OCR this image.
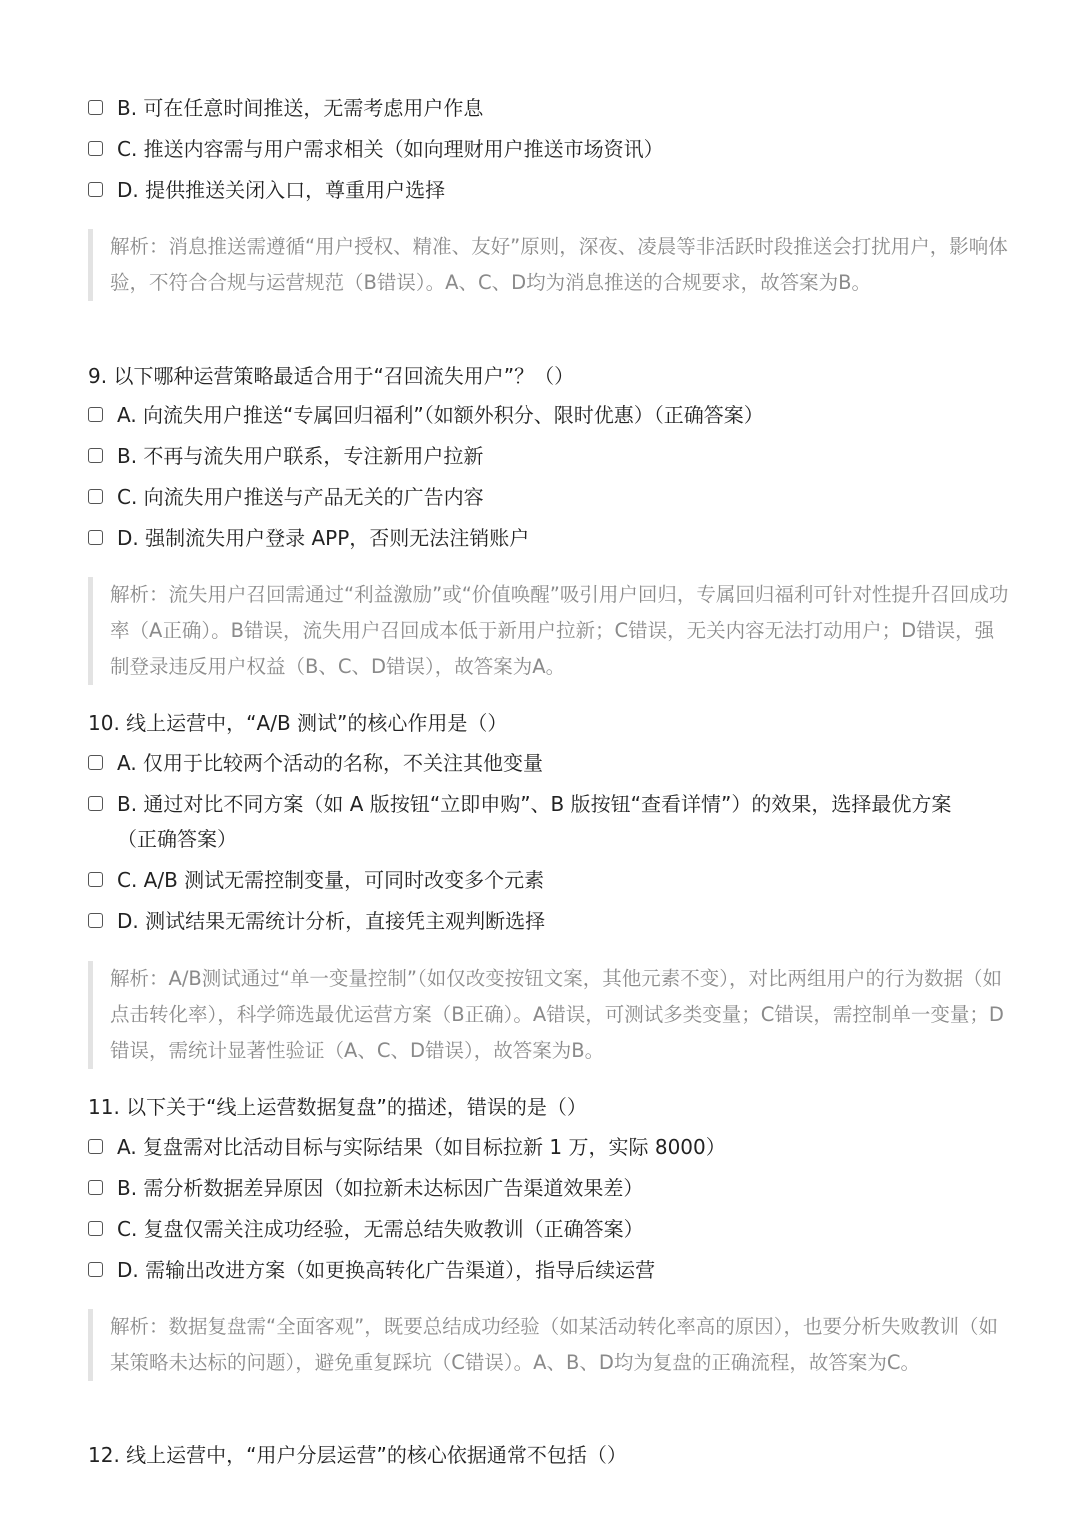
B. 可在任意时间推送，无需考虑用户作息
C. 推送内容需与用户需求相关（如向理财用户推送市场资讯）
D. 提供推送关闭入口，尊重用户选择
解析：消息推送需遵循“用户授权、精准、友好”原则，深夜、凌晨等非活跃时段推送会打扰用户，影响体验，不符合合规与运营规范（B错误）。A、C、D均为消息推送的合规要求，故答案为B。
9. 以下哪种运营策略最适合用于“召回流失用户”？（）
A. 向流失用户推送“专属回归福利”（如额外积分、限时优惠）（正确答案）
B. 不再与流失用户联系，专注新用户拉新
C. 向流失用户推送与产品无关的广告内容
D. 强制流失用户登录 APP，否则无法注销账户
解析：流失用户召回需通过“利益激励”或“价值唤醒”吸引用户回归，专属回归福利可针对性提升召回成功率（A正确）。B错误，流失用户召回成本低于新用户拉新；C错误，无关内容无法打动用户；D错误，强制登录违反用户权益（B、C、D错误），故答案为A。
10. 线上运营中，“A/B 测试”的核心作用是（）
A. 仅用于比较两个活动的名称，不关注其他变量
B. 通过对比不同方案（如 A 版按钮“立即申购”、B 版按钮“查看详情”）的效果，选择最优方案（正确答案）
C. A/B 测试无需控制变量，可同时改变多个元素
D. 测试结果无需统计分析，直接凭主观判断选择
解析：A/B测试通过“单一变量控制”（如仅改变按钮文案，其他元素不变），对比两组用户的行为数据（如点击转化率），科学筛选最优运营方案（B正确）。A错误，可测试多类变量；C错误，需控制单一变量；D错误，需统计显著性验证（A、C、D错误），故答案为B。
11. 以下关于“线上运营数据复盘”的描述，错误的是（）
A. 复盘需对比活动目标与实际结果（如目标拉新 1 万，实际 8000）
B. 需分析数据差异原因（如拉新未达标因广告渠道效果差）
C. 复盘仅需关注成功经验，无需总结失败教训（正确答案）
D. 需输出改进方案（如更换高转化广告渠道），指导后续运营
解析：数据复盘需“全面客观”，既要总结成功经验（如某活动转化率高的原因），也要分析失败教训（如某策略未达标的问题），避免重复踩坑（C错误）。A、B、D均为复盘的正确流程，故答案为C。
12. 线上运营中，“用户分层运营”的核心依据通常不包括（）
